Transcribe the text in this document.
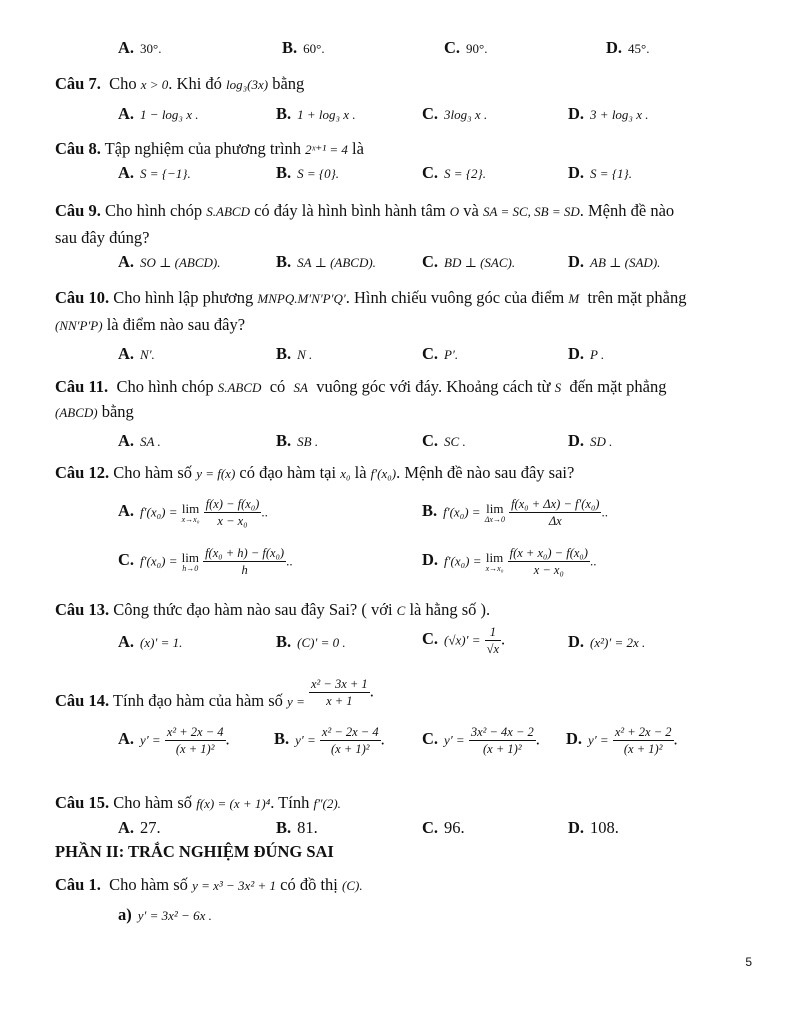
A. 30°.	B. 60°.	C. 90°.	D. 45°.
Câu 7. Cho x > 0. Khi đó log₃(3x) bằng
A. 1 − log₃ x .	B. 1 + log₃ x .	C. 3log₃ x .	D. 3 + log₃ x .
Câu 8. Tập nghiệm của phương trình 2ˣ⁺¹ = 4 là
A. S = {−1}.	B. S = {0}.	C. S = {2}.	D. S = {1}.
Câu 9. Cho hình chóp S.ABCD có đáy là hình bình hành tâm O và SA = SC, SB = SD. Mệnh đề nào
sau đây đúng?
A. SO ⊥ (ABCD).	B. SA ⊥ (ABCD).	C. BD ⊥ (SAC).	D. AB ⊥ (SAD).
Câu 10. Cho hình lập phương MNPQ.M′N′P′Q′. Hình chiếu vuông góc của điểm M trên mặt phẳng
(NN′P′P) là điểm nào sau đây?
A. N′.	B. N .	C. P′.	D. P .
Câu 11. Cho hình chóp S.ABCD có SA vuông góc với đáy. Khoảng cách từ S đến mặt phẳng
(ABCD) bằng
A. SA .	B. SB .	C. SC .	D. SD .
Câu 12. Cho hàm số y = f(x) có đạo hàm tại x₀ là f′(x₀). Mệnh đề nào sau đây sai?
A. f′(x₀) = lim
x→x₀
$\frac{\text{f(x) − f(x₀)}}{\text{x − x₀}}$ ..	B. f′(x₀) = lim
Δx→0
$\frac{\text{f(x₀ + Δx) − f′(x₀)}}{\Delta x}$ ..
C. f′(x₀) = lim
h→0
$\frac{\text{f(x₀ + h) − f(x₀)}}{h}$ ..	D. f′(x₀) = lim
x→x₀
$\frac{\text{f(x + x₀) − f(x₀)}}{\text{x − x₀}}$ ..
Câu 13. Công thức đạo hàm nào sau đây Sai? ( với C là hằng số ).
A. (x)′ = 1.	B. (C)′ = 0 .	C. $(√x)' = \frac{1}{√x}$ .	D. (x²)′ = 2x .
Câu 14. Tính đạo hàm của hàm số $_{y =} \frac{\text{x² − 3x + 1}}{x + 1}$ .
A. $y' = \frac{\text{x² + 2x − 4}}{\text{(x + 1)²}}$ .	B. $y' = \frac{\text{x² − 2x − 4}}{\text{(x + 1)²}}$ . C. $y' = \frac{\text{3x² − 4x − 2}}{\text{(x + 1)²}}$ . D. $y' = \frac{\text{x² + 2x − 2}}{\text{(x + 1)²}}$ .
Câu 15. Cho hàm số f(x) = (x + 1)⁴. Tính f″(2).
A. 27.	B. 81.	C. 96.	D. 108.
PHẦN II: TRẮC NGHIỆM ĐÚNG SAI
Câu 1. Cho hàm số y = x³ − 3x² + 1 có đồ thị (C).
a) y′ = 3x² − 6x .
5
